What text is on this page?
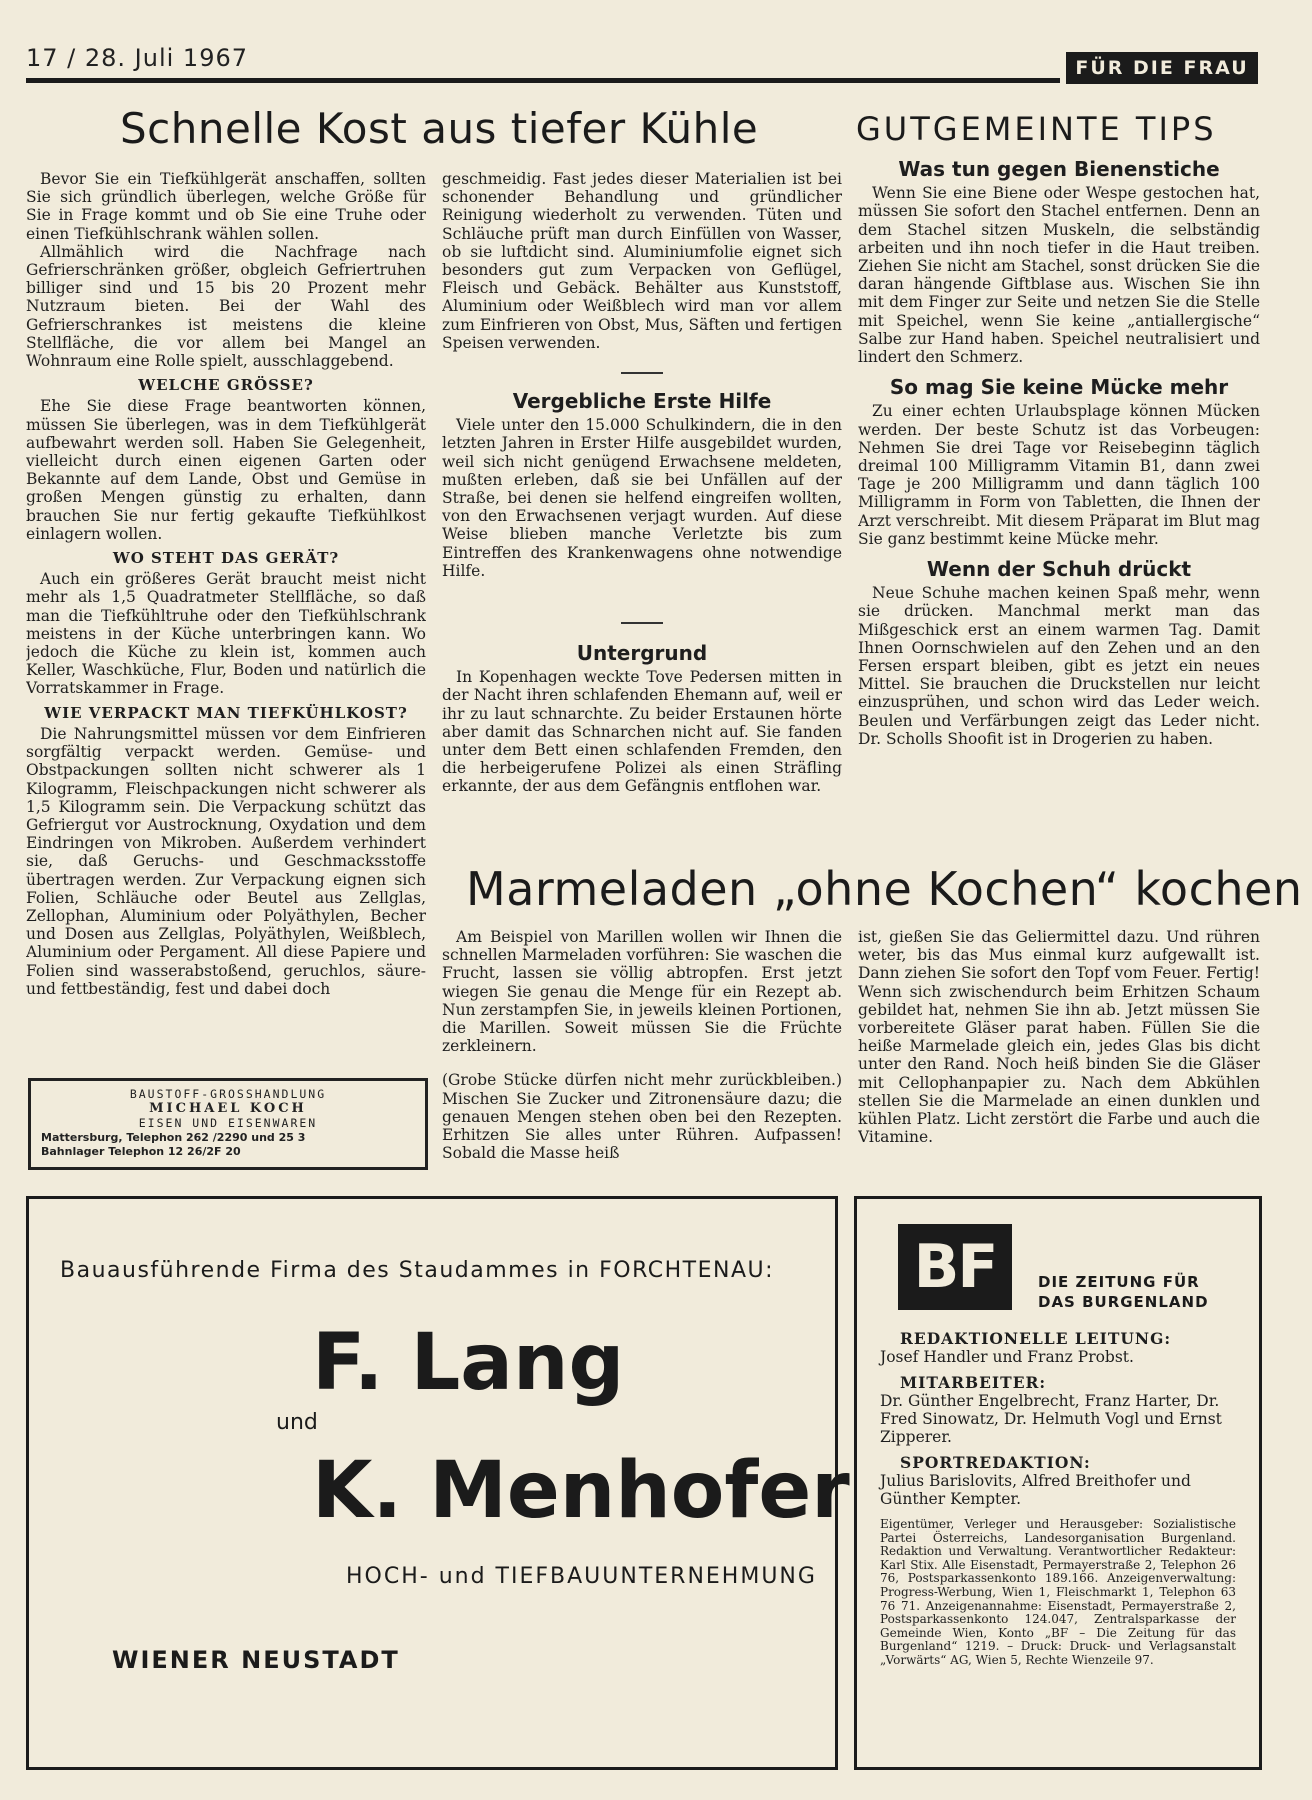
17 / 28. Juli 1967	FÜR DIE FRAU
Schnelle Kost aus tiefer Kühle

Bevor Sie ein Tiefkühlgerät anschaffen, sollten Sie sich gründlich überlegen, welche Größe für Sie in Frage kommt und ob Sie eine Truhe oder einen Tiefkühlschrank wählen sollen.

Allmählich wird die Nachfrage nach Gefrierschränken größer, obgleich Gefriertruhen billiger sind und 15 bis 20 Prozent mehr Nutzraum bieten. Bei der Wahl des Gefrierschrankes ist meistens die kleine Stellfläche, die vor allem bei Mangel an Wohnraum eine Rolle spielt, ausschlaggebend.

WELCHE GRÖSSE?

Ehe Sie diese Frage beantworten können, müssen Sie überlegen, was in dem Tiefkühlgerät aufbewahrt werden soll. Haben Sie Gelegenheit, vielleicht durch einen eigenen Garten oder Bekannte auf dem Lande, Obst und Gemüse in großen Mengen günstig zu erhalten, dann brauchen Sie nur fertig gekaufte Tiefkühlkost einlagern wollen.

WO STEHT DAS GERÄT?

Auch ein größeres Gerät braucht meist nicht mehr als 1,5 Quadratmeter Stellfläche, so daß man die Tiefkühltruhe oder den Tiefkühlschrank meistens in der Küche unterbringen kann. Wo jedoch die Küche zu klein ist, kommen auch Keller, Waschküche, Flur, Boden und natürlich die Vorratskammer in Frage.

WIE VERPACKT MAN TIEFKÜHLKOST?

Die Nahrungsmittel müssen vor dem Einfrieren sorgfältig verpackt werden. Gemüse- und Obstpackungen sollten nicht schwerer als 1 Kilogramm, Fleischpackungen nicht schwerer als 1,5 Kilogramm sein. Die Verpackung schützt das Gefriergut vor Austrocknung, Oxydation und dem Eindringen von Mikroben. Außerdem verhindert sie, daß Geruchs- und Geschmacksstoffe übertragen werden. Zur Verpackung eignen sich Folien, Schläuche oder Beutel aus Zellglas, Zellophan, Aluminium oder Polyäthylen, Becher und Dosen aus Zellglas, Polyäthylen, Weißblech, Aluminium oder Pergament. All diese Papiere und Folien sind wasserabstoßend, geruchlos, säure- und fettbeständig, fest und dabei doch

geschmeidig. Fast jedes dieser Materialien ist bei schonender Behandlung und gründlicher Reinigung wiederholt zu verwenden. Tüten und Schläuche prüft man durch Einfüllen von Wasser, ob sie luftdicht sind. Aluminiumfolie eignet sich besonders gut zum Verpacken von Geflügel, Fleisch und Gebäck. Behälter aus Kunststoff, Aluminium oder Weißblech wird man vor allem zum Einfrieren von Obst, Mus, Säften und fertigen Speisen verwenden.

Vergebliche Erste Hilfe

Viele unter den 15.000 Schulkindern, die in den letzten Jahren in Erster Hilfe ausgebildet wurden, weil sich nicht genügend Erwachsene meldeten, mußten erleben, daß sie bei Unfällen auf der Straße, bei denen sie helfend eingreifen wollten, von den Erwachsenen verjagt wurden. Auf diese Weise blieben manche Verletzte bis zum Eintreffen des Krankenwagens ohne notwendige Hilfe.

Untergrund

In Kopenhagen weckte Tove Pedersen mitten in der Nacht ihren schlafenden Ehemann auf, weil er ihr zu laut schnarchte. Zu beider Erstaunen hörte aber damit das Schnarchen nicht auf. Sie fanden unter dem Bett einen schlafenden Fremden, den die herbeigerufene Polizei als einen Sträfling erkannte, der aus dem Gefängnis entflohen war.

GUTGEMEINTE TIPS
Was tun gegen Bienenstiche

Wenn Sie eine Biene oder Wespe gestochen hat, müssen Sie sofort den Stachel entfernen. Denn an dem Stachel sitzen Muskeln, die selbständig arbeiten und ihn noch tiefer in die Haut treiben. Ziehen Sie nicht am Stachel, sonst drücken Sie die daran hängende Giftblase aus. Wischen Sie ihn mit dem Finger zur Seite und netzen Sie die Stelle mit Speichel, wenn Sie keine „antiallergische“ Salbe zur Hand haben. Speichel neutralisiert und lindert den Schmerz.

So mag Sie keine Mücke mehr

Zu einer echten Urlaubsplage können Mücken werden. Der beste Schutz ist das Vorbeugen: Nehmen Sie drei Tage vor Reisebeginn täglich dreimal 100 Milligramm Vitamin B1, dann zwei Tage je 200 Milligramm und dann täglich 100 Milligramm in Form von Tabletten, die Ihnen der Arzt verschreibt. Mit diesem Präparat im Blut mag Sie ganz bestimmt keine Mücke mehr.

Wenn der Schuh drückt

Neue Schuhe machen keinen Spaß mehr, wenn sie drücken. Manchmal merkt man das Mißgeschick erst an einem warmen Tag. Damit Ihnen Oornschwielen auf den Zehen und an den Fersen erspart bleiben, gibt es jetzt ein neues Mittel. Sie brauchen die Druckstellen nur leicht einzusprühen, und schon wird das Leder weich. Beulen und Verfärbungen zeigt das Leder nicht. Dr. Scholls Shoofit ist in Drogerien zu haben.

Marmeladen „ohne Kochen“ kochen

Am Beispiel von Marillen wollen wir Ihnen die schnellen Marmeladen vorführen: Sie waschen die Frucht, lassen sie völlig abtropfen. Erst jetzt wiegen Sie genau die Menge für ein Rezept ab. Nun zerstampfen Sie, in jeweils kleinen Portionen, die Marillen. Soweit müssen Sie die Früchte zerkleinern.

(Grobe Stücke dürfen nicht mehr zurückbleiben.) Mischen Sie Zucker und Zitronensäure dazu; die genauen Mengen stehen oben bei den Rezepten. Erhitzen Sie alles unter Rühren. Aufpassen! Sobald die Masse heiß

ist, gießen Sie das Geliermittel dazu. Und rühren weter, bis das Mus einmal kurz aufgewallt ist. Dann ziehen Sie sofort den Topf vom Feuer. Fertig! Wenn sich zwischendurch beim Erhitzen Schaum gebildet hat, nehmen Sie ihn ab. Jetzt müssen Sie vorbereitete Gläser parat haben. Füllen Sie die heiße Marmelade gleich ein, jedes Glas bis dicht unter den Rand. Noch heiß binden Sie die Gläser mit Cellophanpapier zu. Nach dem Abkühlen stellen Sie die Marmelade an einen dunklen und kühlen Platz. Licht zerstört die Farbe und auch die Vitamine.

BAUSTOFF-GROSSHANDLUNG
MICHAEL KOCH
EISEN UND EISENWAREN
Mattersburg, Telephon 262 /2290 und 25 3
Bahnlager Telephon 12 26/2F 20
Bauausführende Firma des Staudammes in FORCHTENAU:
F. Lang
und
K. Menhofer
HOCH- und TIEFBAUUNTERNEHMUNG
WIENER NEUSTADT
BF	DIE ZEITUNG FÜR
DAS BURGENLAND
REDAKTIONELLE LEITUNG:
Josef Handler und Franz Probst.
MITARBEITER:
Dr. Günther Engelbrecht, Franz Harter, Dr. Fred Sinowatz, Dr. Helmuth Vogl und Ernst Zipperer.
SPORTREDAKTION:
Julius Barislovits, Alfred Breithofer und Günther Kempter.
Eigentümer, Verleger und Herausgeber: Sozialistische Partei Österreichs, Landesorganisation Burgenland. Redaktion und Verwaltung. Verantwortlicher Redakteur: Karl Stix. Alle Eisenstadt, Permayerstraße 2, Telephon 26 76, Postsparkassenkonto 189.166. Anzeigenverwaltung: Progress-Werbung, Wien 1, Fleischmarkt 1, Telephon 63 76 71. Anzeigenannahme: Eisenstadt, Permayerstraße 2, Postsparkassenkonto 124.047, Zentralsparkasse der Gemeinde Wien, Konto „BF – Die Zeitung für das Burgenland“ 1219. – Druck: Druck- und Verlagsanstalt „Vorwärts“ AG, Wien 5, Rechte Wienzeile 97.
